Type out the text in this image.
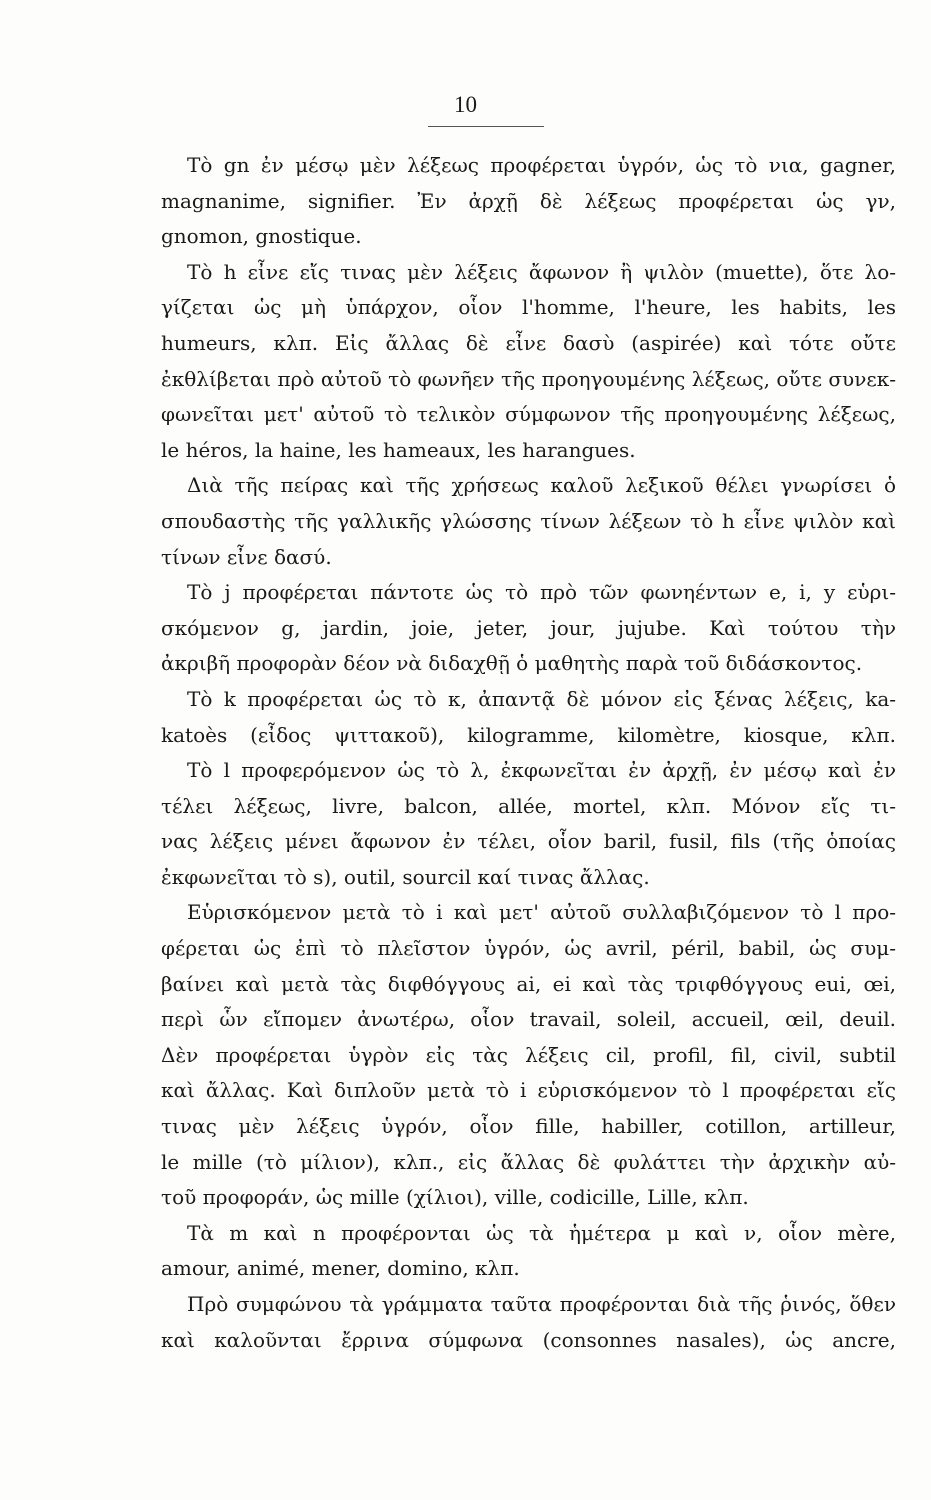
10
Τὸ gn ἐν μέσῳ μὲν λέξεως προφέρεται ὑγρόν, ὡς τὸ νια, gagner,
magnanime, signifier. Ἐν ἀρχῇ δὲ λέξεως προφέρεται ὡς γν,
gnomon, gnostique.
Τὸ h εἶνε εἴς τινας μὲν λέξεις ἄφωνον ἢ ψιλὸν (muette), ὅτε λο-
γίζεται ὡς μὴ ὑπάρχον, οἷον l'homme, l'heure, les habits, les
humeurs, κλπ. Εἰς ἄλλας δὲ εἶνε δασὺ (aspirée) καὶ τότε οὔτε
ἐκθλίβεται πρὸ αὐτοῦ τὸ φωνῆεν τῆς προηγουμένης λέξεως, οὔτε συνεκ-
φωνεῖται μετ' αὐτοῦ τὸ τελικὸν σύμφωνον τῆς προηγουμένης λέξεως,
le héros, la haine, les hameaux, les harangues.
Διὰ τῆς πείρας καὶ τῆς χρήσεως καλοῦ λεξικοῦ θέλει γνωρίσει ὁ
σπουδαστὴς τῆς γαλλικῆς γλώσσης τίνων λέξεων τὸ h εἶνε ψιλὸν καὶ
τίνων εἶνε δασύ.
Τὸ j προφέρεται πάντοτε ὡς τὸ πρὸ τῶν φωνηέντων e, i, y εὑρι-
σκόμενον g, jardin, joie, jeter, jour, jujube. Καὶ τούτου τὴν
ἀκριβῆ προφορὰν δέον νὰ διδαχθῇ ὁ μαθητὴς παρὰ τοῦ διδάσκοντος.
Τὸ k προφέρεται ὡς τὸ κ, ἀπαντᾷ δὲ μόνον εἰς ξένας λέξεις, ka-
katoès (εἶδος ψιττακοῦ), kilogramme, kilomètre, kiosque, κλπ.
Τὸ l προφερόμενον ὡς τὸ λ, ἐκφωνεῖται ἐν ἀρχῇ, ἐν μέσῳ καὶ ἐν
τέλει λέξεως, livre, balcon, allée, mortel, κλπ. Μόνον εἴς τι-
νας λέξεις μένει ἄφωνον ἐν τέλει, οἷον baril, fusil, fils (τῆς ὁποίας
ἐκφωνεῖται τὸ s), outil, sourcil καί τινας ἄλλας.
Εὑρισκόμενον μετὰ τὸ i καὶ μετ' αὐτοῦ συλλαβιζόμενον τὸ l προ-
φέρεται ὡς ἐπὶ τὸ πλεῖστον ὑγρόν, ὡς avril, péril, babil, ὡς συμ-
βαίνει καὶ μετὰ τὰς διφθόγγους ai, ei καὶ τὰς τριφθόγγους eui, œi,
περὶ ὧν εἴπομεν ἀνωτέρω, οἷον travail, soleil, accueil, œil, deuil.
Δὲν προφέρεται ὑγρὸν εἰς τὰς λέξεις cil, profil, fil, civil, subtil
καὶ ἄλλας. Καὶ διπλοῦν μετὰ τὸ i εὑρισκόμενον τὸ l προφέρεται εἴς
τινας μὲν λέξεις ὑγρόν, οἷον fille, habiller, cotillon, artilleur,
le mille (τὸ μίλιον), κλπ., εἰς ἄλλας δὲ φυλάττει τὴν ἀρχικὴν αὐ-
τοῦ προφοράν, ὡς mille (χίλιοι), ville, codicille, Lille, κλπ.
Τὰ m καὶ n προφέρονται ὡς τὰ ἡμέτερα μ καὶ ν, οἷον mère,
amour, animé, mener, domino, κλπ.
Πρὸ συμφώνου τὰ γράμματα ταῦτα προφέρονται διὰ τῆς ῥινός, ὅθεν
καὶ καλοῦνται ἔρρινα σύμφωνα (consonnes nasales), ὡς ancre,
